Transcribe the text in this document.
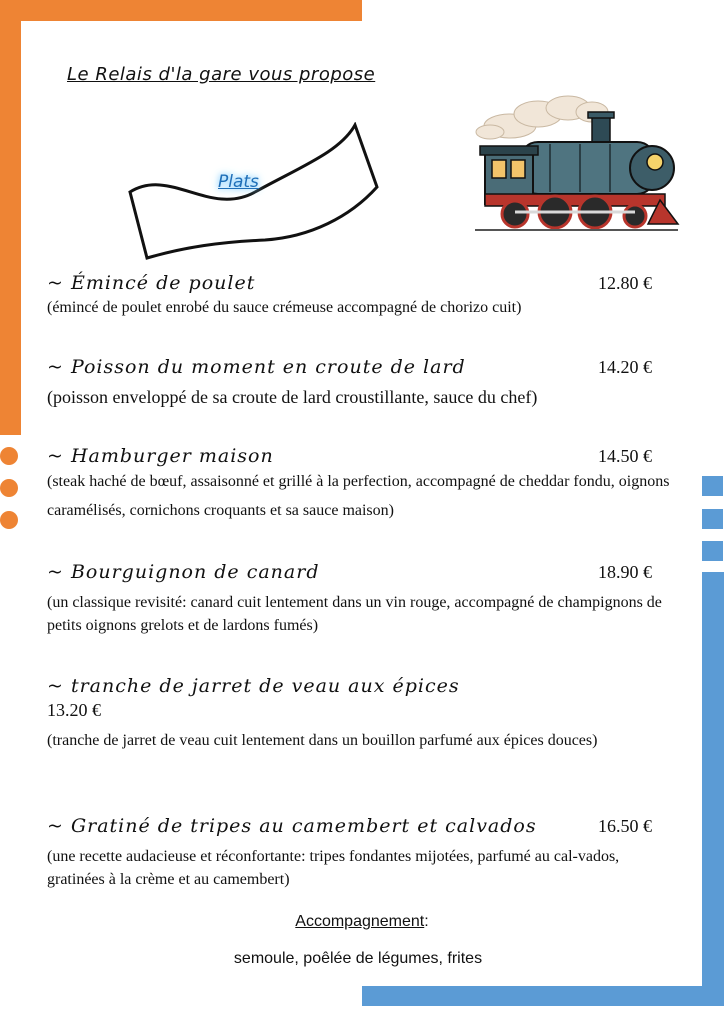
Le Relais d'la gare vous propose
Plats
~ Émincé de poulet	12.80 €
(émincé de poulet enrobé du sauce crémeuse accompagné de chorizo cuit)
~ Poisson du moment en croute de lard	14.20 €
(poisson enveloppé de sa croute de lard croustillante, sauce du chef)
~ Hamburger maison	14.50 €
(steak haché de bœuf, assaisonné et grillé à la perfection, accompagné de cheddar fondu, oignons caramélisés, cornichons croquants et sa sauce maison)
~ Bourguignon de canard	18.90 €
(un classique revisité: canard cuit lentement dans un vin rouge, accompagné de champignons de petits oignons grelots et de lardons fumés)
~ tranche de jarret de veau aux épices
13.20 €
(tranche de jarret de veau cuit lentement dans un bouillon parfumé aux épices douces)
~ Gratiné de tripes au camembert et calvados	16.50 €
(une recette audacieuse et réconfortante: tripes fondantes mijotées, parfumé au cal-vados, gratinées à la crème et au camembert)
Accompagnement:
semoule, poêlée de légumes, frites
